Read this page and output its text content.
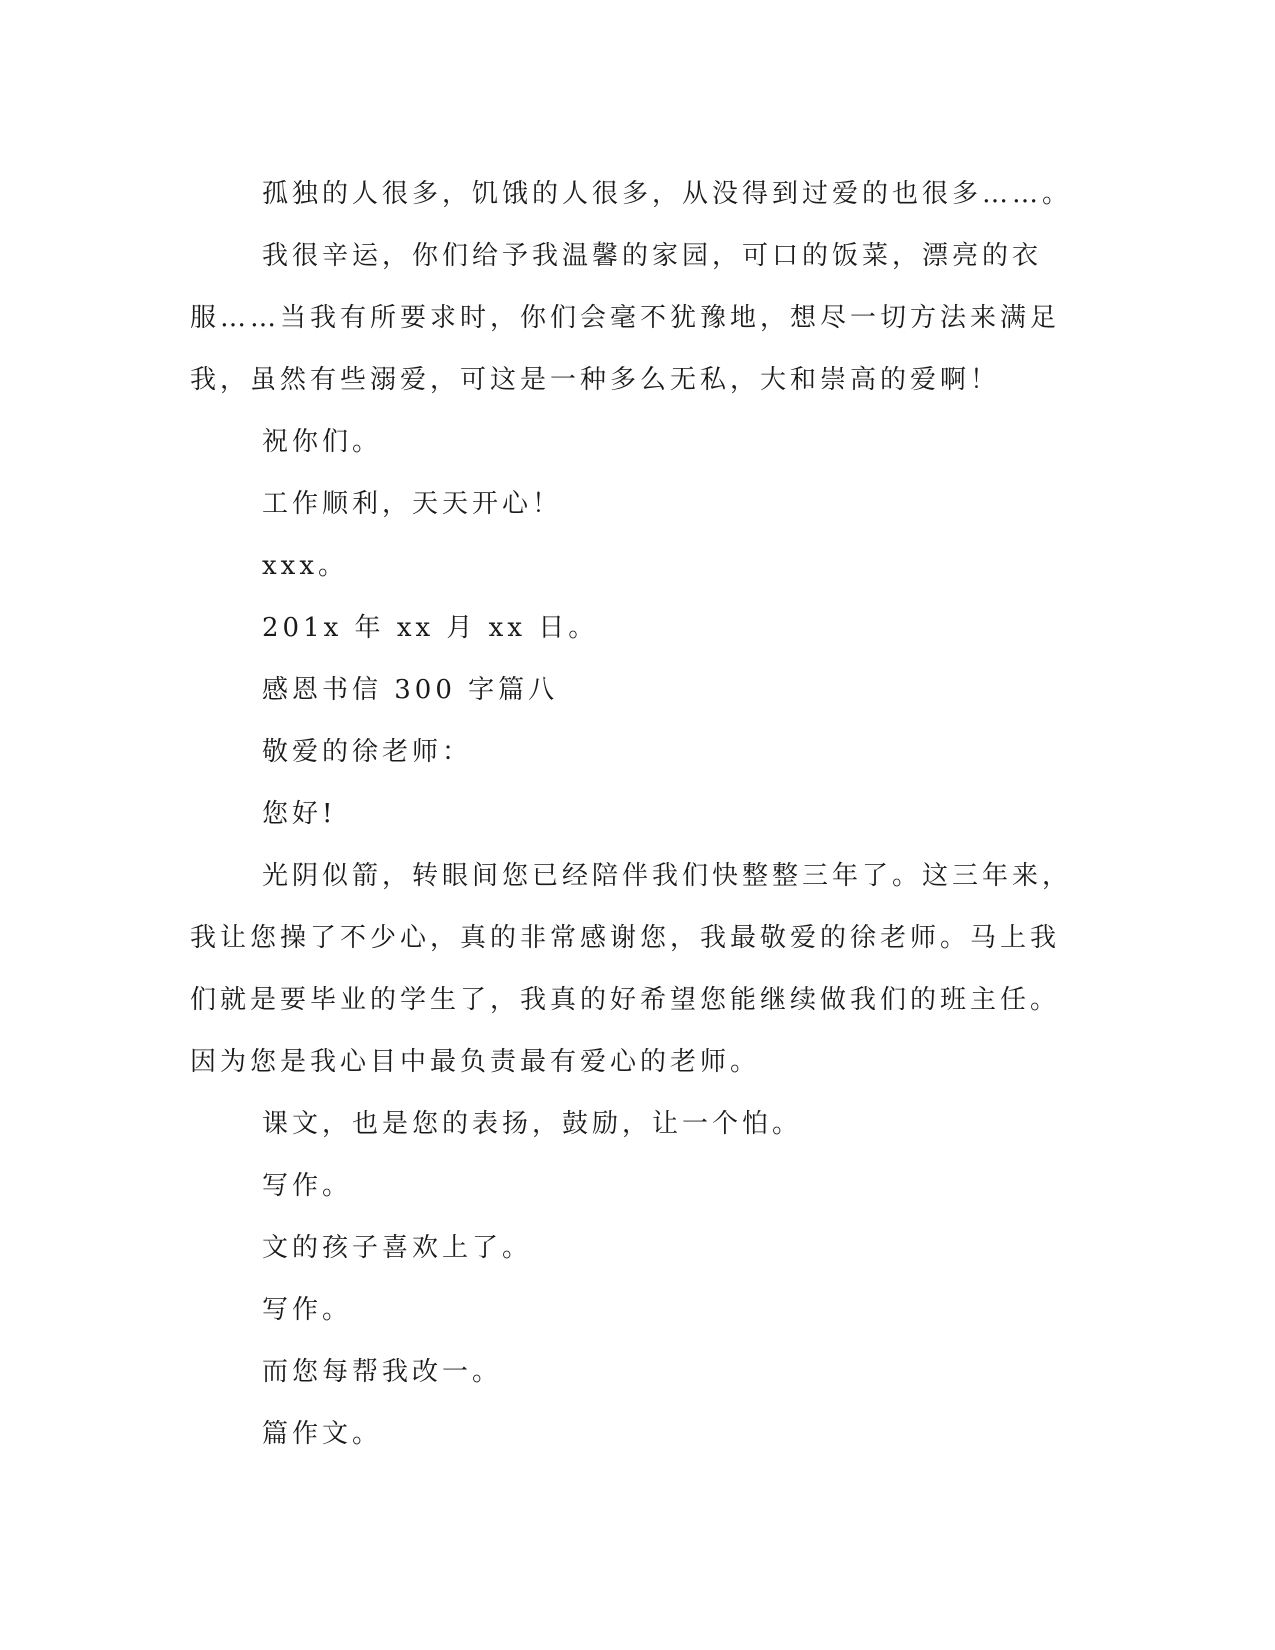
孤独的人很多，饥饿的人很多，从没得到过爱的也很多……。

我很辛运，你们给予我温馨的家园，可口的饭菜，漂亮的衣服……当我有所要求时，你们会毫不犹豫地，想尽一切方法来满足我，虽然有些溺爱，可这是一种多么无私，大和崇高的爱啊！

祝你们。

工作顺利，天天开心！

xxx。

201x 年 xx 月 xx 日。

感恩书信 300 字篇八

敬爱的徐老师：

您好!

光阴似箭，转眼间您已经陪伴我们快整整三年了。这三年来，我让您操了不少心，真的非常感谢您，我最敬爱的徐老师。马上我们就是要毕业的学生了，我真的好希望您能继续做我们的班主任。因为您是我心目中最负责最有爱心的老师。

课文，也是您的表扬，鼓励，让一个怕。

写作。

文的孩子喜欢上了。

写作。

而您每帮我改一。

篇作文。
